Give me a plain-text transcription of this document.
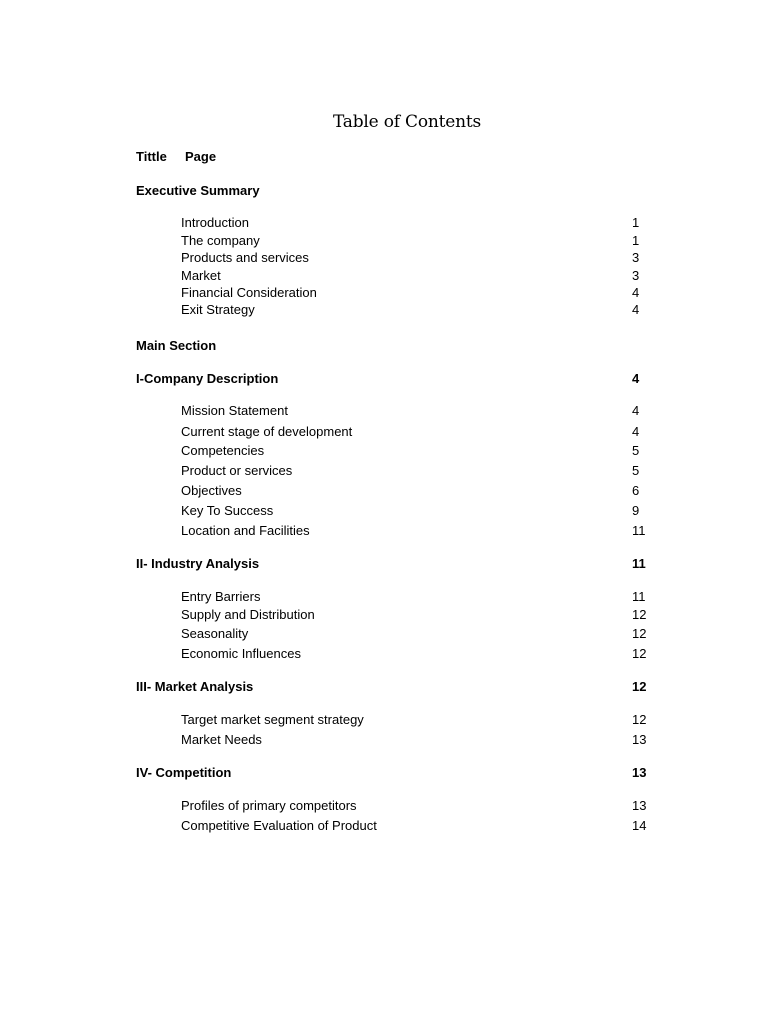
Table of Contents
Tittle Page
Executive Summary
Introduction	1
The company	1
Products and services	3
Market	3
Financial Consideration	4
Exit Strategy	4
Main Section
I-Company Description	4
Mission Statement	4
Current stage of development	4
Competencies	5
Product or services	5
Objectives	6
Key To Success	9
Location and Facilities	11
II- Industry Analysis	11
Entry Barriers	11
Supply and Distribution	12
Seasonality	12
Economic Influences	12
III- Market Analysis	12
Target market segment strategy	12
Market Needs	13
IV- Competition	13
Profiles of primary competitors	13
Competitive Evaluation of Product	14
